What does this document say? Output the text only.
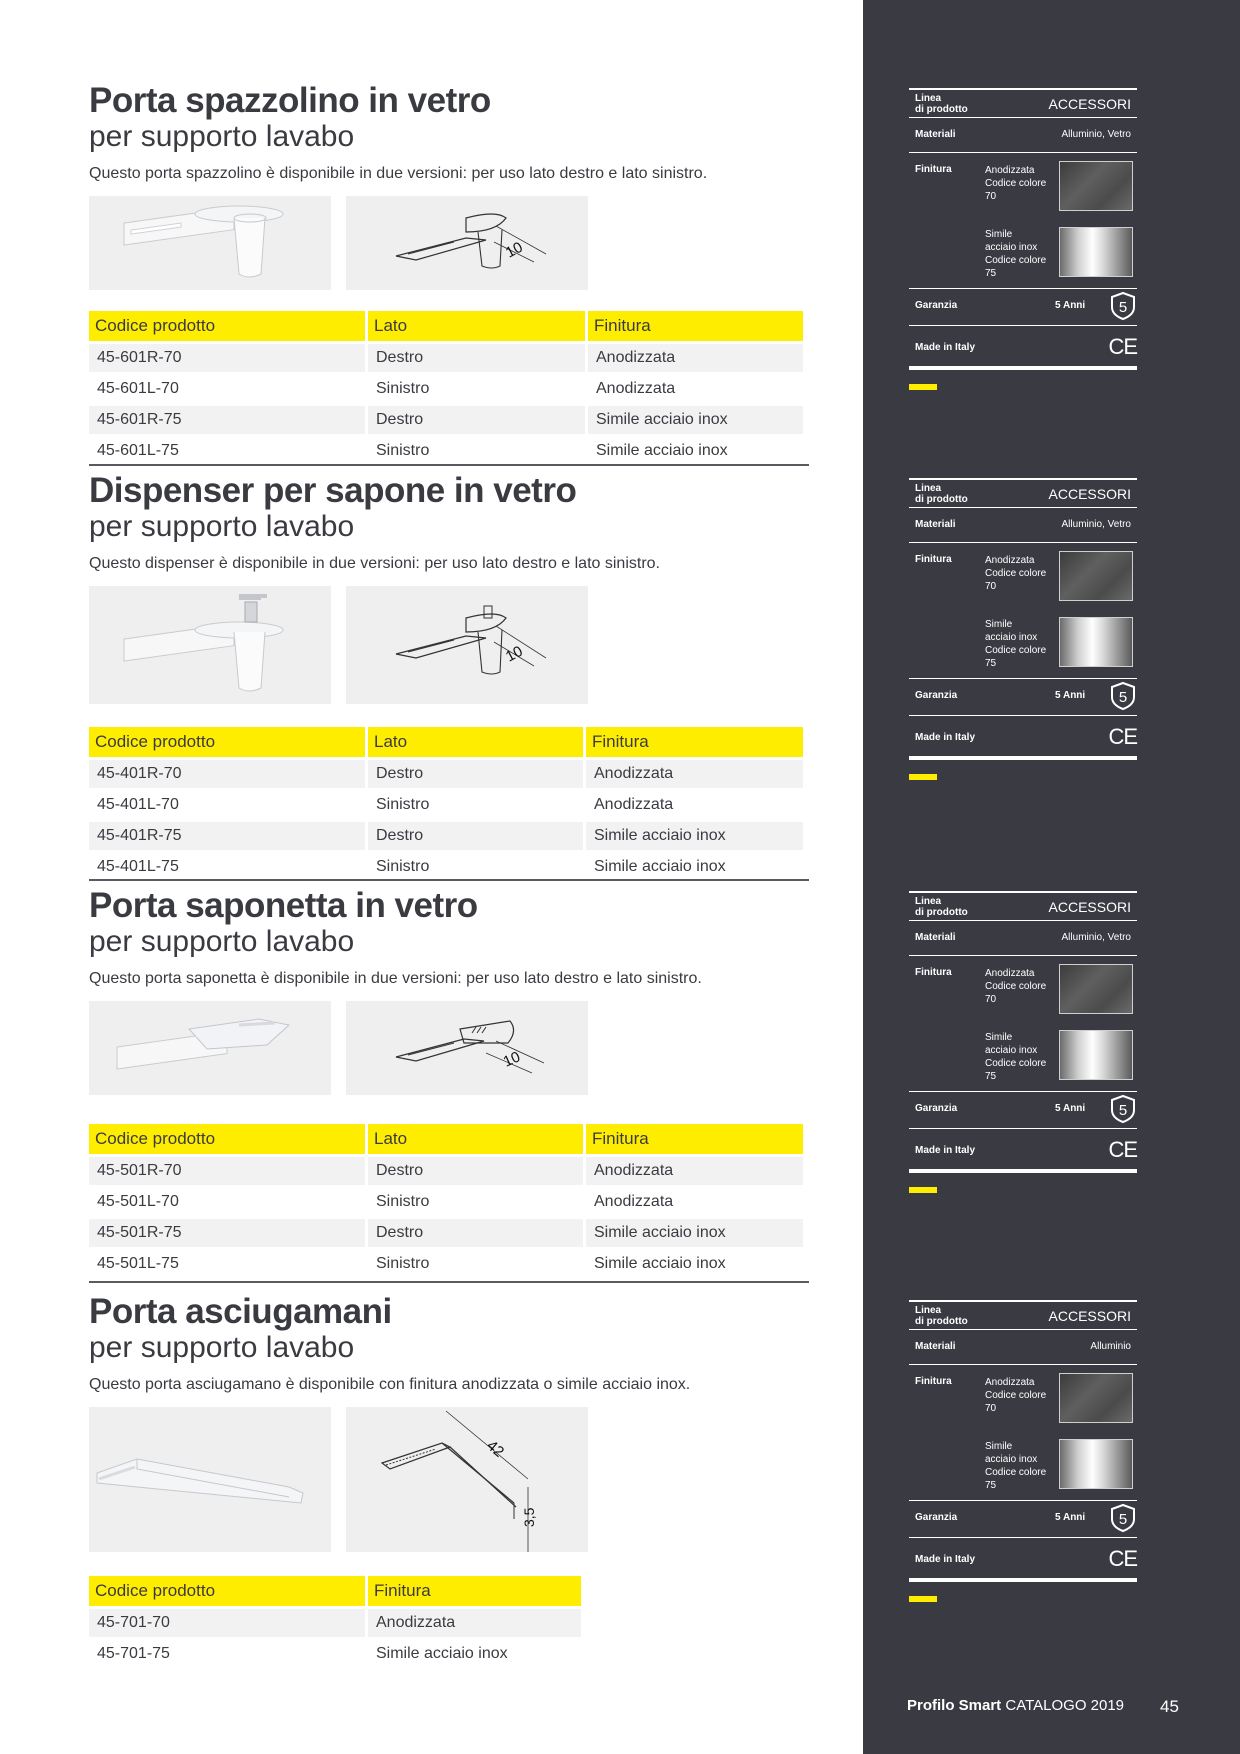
Porta spazzolino in vetro
per supporto lavabo
Questo porta spazzolino è disponibile in due versioni: per uso lato destro e lato sinistro.
10
Codice prodotto	Lato	Finitura
45-601R-70	Destro	Anodizzata
45-601L-70	Sinistro	Anodizzata
45-601R-75	Destro	Simile acciaio inox
45-601L-75	Sinistro	Simile acciaio inox
Dispenser per sapone in vetro
per supporto lavabo
Questo dispenser è disponibile in due versioni: per uso lato destro e lato sinistro.
10
Codice prodotto	Lato	Finitura
45-401R-70	Destro	Anodizzata
45-401L-70	Sinistro	Anodizzata
45-401R-75	Destro	Simile acciaio inox
45-401L-75	Sinistro	Simile acciaio inox
Porta saponetta in vetro
per supporto lavabo
Questo porta saponetta è disponibile in due versioni: per uso lato destro e lato sinistro.
10
Codice prodotto	Lato	Finitura
45-501R-70	Destro	Anodizzata
45-501L-70	Sinistro	Anodizzata
45-501R-75	Destro	Simile acciaio inox
45-501L-75	Sinistro	Simile acciaio inox
Porta asciugamani
per supporto lavabo
Questo porta asciugamano è disponibile con finitura anodizzata o simile acciaio inox.
42
3,5
Codice prodotto	Finitura
45-701-70	Anodizzata
45-701-75	Simile acciaio inox
Linea
di prodotto	ACCESSORI
Materiali	Alluminio, Vetro
Finitura	Anodizzata
Codice colore
70
Simile
acciaio inox
Codice colore
75
Garanzia	5 Anni 5
Made in Italy	CE
Linea
di prodotto	ACCESSORI
Materiali	Alluminio, Vetro
Finitura	Anodizzata
Codice colore
70
Simile
acciaio inox
Codice colore
75
Garanzia	5 Anni 5
Made in Italy	CE
Linea
di prodotto	ACCESSORI
Materiali	Alluminio, Vetro
Finitura	Anodizzata
Codice colore
70
Simile
acciaio inox
Codice colore
75
Garanzia	5 Anni 5
Made in Italy	CE
Linea
di prodotto	ACCESSORI
Materiali	Alluminio
Finitura	Anodizzata
Codice colore
70
Simile
acciaio inox
Codice colore
75
Garanzia	5 Anni 5
Made in Italy	CE
Profilo Smart CATALOGO 2019 45
